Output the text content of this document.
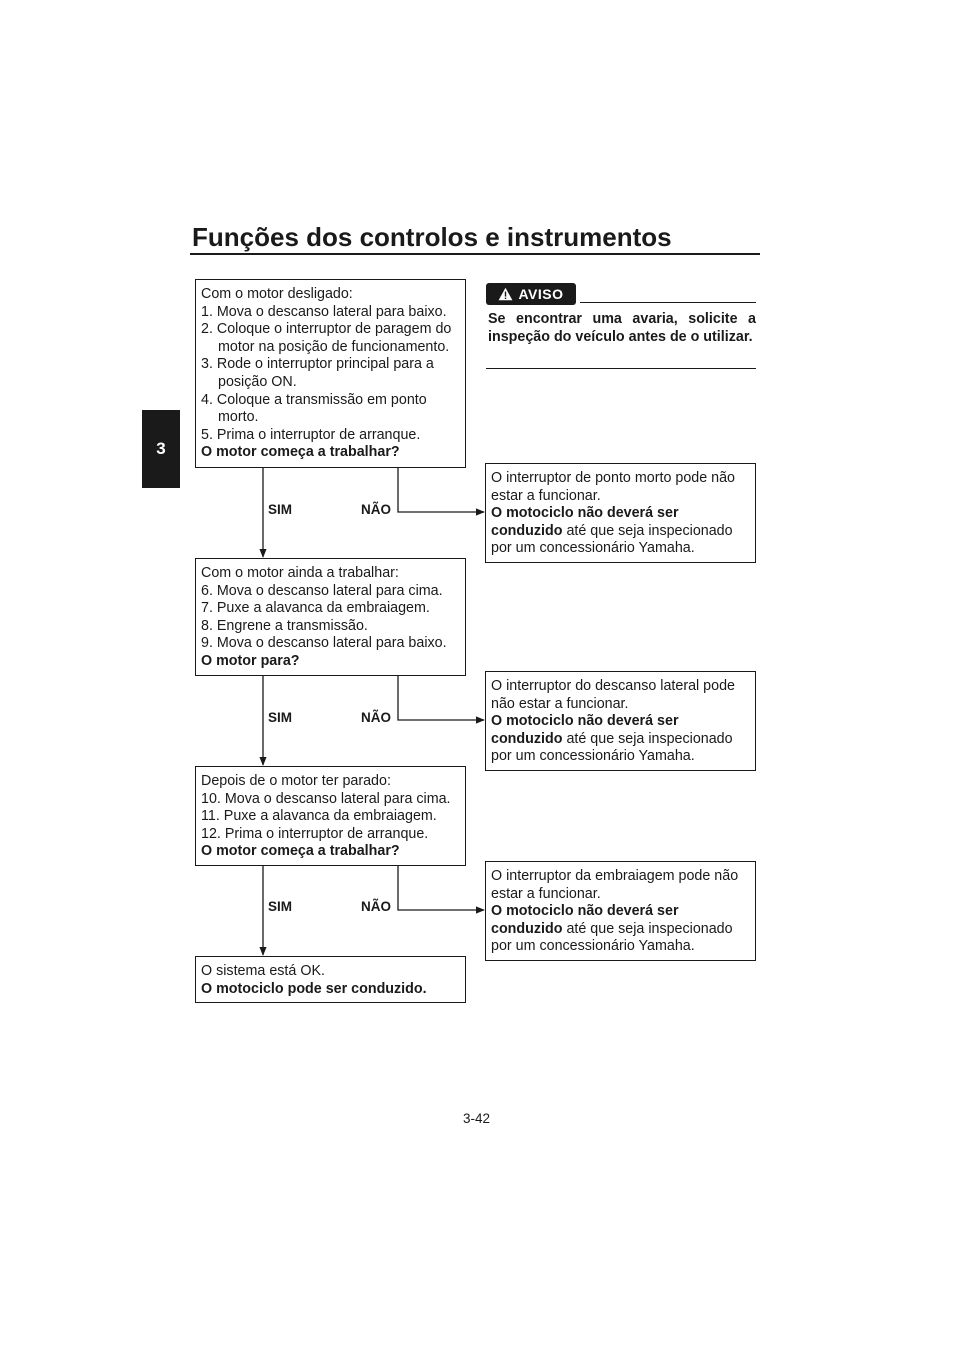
Funções dos controlos e instrumentos
3
Com o motor desligado:
1. Mova o descanso lateral para baixo.
2. Coloque o interruptor de paragem do motor na posição de funcionamento.
3. Rode o interruptor principal para a posição ON.
4. Coloque a transmissão em ponto morto.
5. Prima o interruptor de arranque.
O motor começa a trabalhar?
Com o motor ainda a trabalhar:
6. Mova o descanso lateral para cima.
7. Puxe a alavanca da embraiagem.
8. Engrene a transmissão.
9. Mova o descanso lateral para baixo.
O motor para?
Depois de o motor ter parado:
10. Mova o descanso lateral para cima.
11. Puxe a alavanca da embraiagem.
12. Prima o interruptor de arranque.
O motor começa a trabalhar?
O sistema está OK.
O motociclo pode ser conduzido.
SIM	NÃO
SIM	NÃO
SIM	NÃO
AVISO
Se encontrar uma avaria, solicite a inspeção do veículo antes de o utilizar.
O interruptor de ponto morto pode não estar a funcionar.
O motociclo não deverá ser conduzido até que seja inspecionado por um concessionário Yamaha.
O interruptor do descanso lateral pode não estar a funcionar.
O motociclo não deverá ser conduzido até que seja inspecionado por um concessionário Yamaha.
O interruptor da embraiagem pode não estar a funcionar.
O motociclo não deverá ser conduzido até que seja inspecionado por um concessionário Yamaha.
3-42
